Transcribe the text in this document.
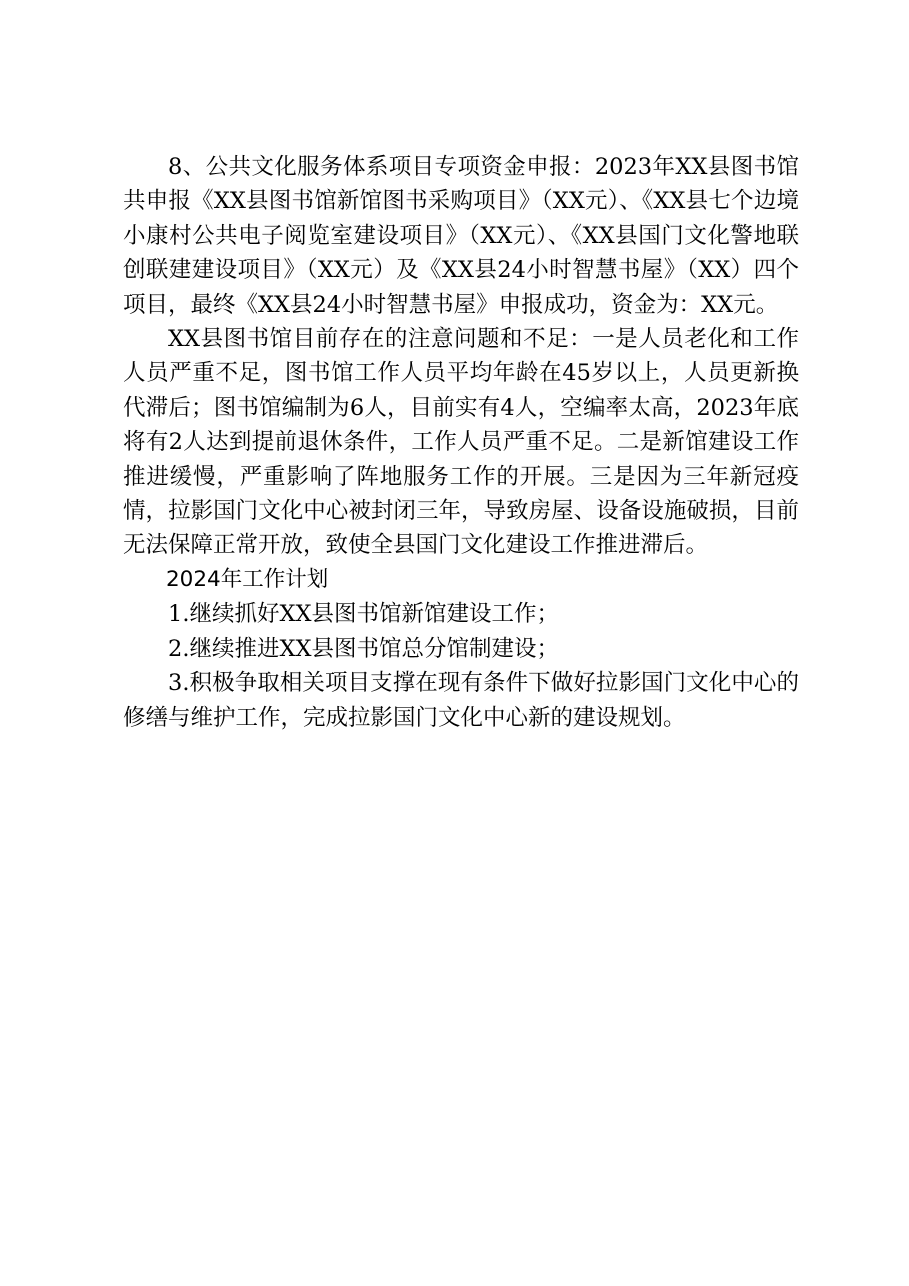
8、公共文化服务体系项目专项资金申报：2023年XX县图书馆共申报《XX县图书馆新馆图书采购项目》（XX元）、《XX县七个边境小康村公共电子阅览室建设项目》（XX元）、《XX县国门文化警地联创联建建设项目》（XX元）及《XX县24小时智慧书屋》（XX）四个项目，最终《XX县24小时智慧书屋》申报成功，资金为：XX元。

XX县图书馆目前存在的注意问题和不足：一是人员老化和工作人员严重不足，图书馆工作人员平均年龄在45岁以上，人员更新换代滞后；图书馆编制为6人，目前实有4人，空编率太高，2023年底将有2人达到提前退休条件，工作人员严重不足。二是新馆建设工作推进缓慢，严重影响了阵地服务工作的开展。三是因为三年新冠疫情，拉影国门文化中心被封闭三年，导致房屋、设备设施破损，目前无法保障正常开放，致使全县国门文化建设工作推进滞后。

2024年工作计划

1.继续抓好XX县图书馆新馆建设工作；

2.继续推进XX县图书馆总分馆制建设；

3.积极争取相关项目支撑在现有条件下做好拉影国门文化中心的修缮与维护工作，完成拉影国门文化中心新的建设规划。
